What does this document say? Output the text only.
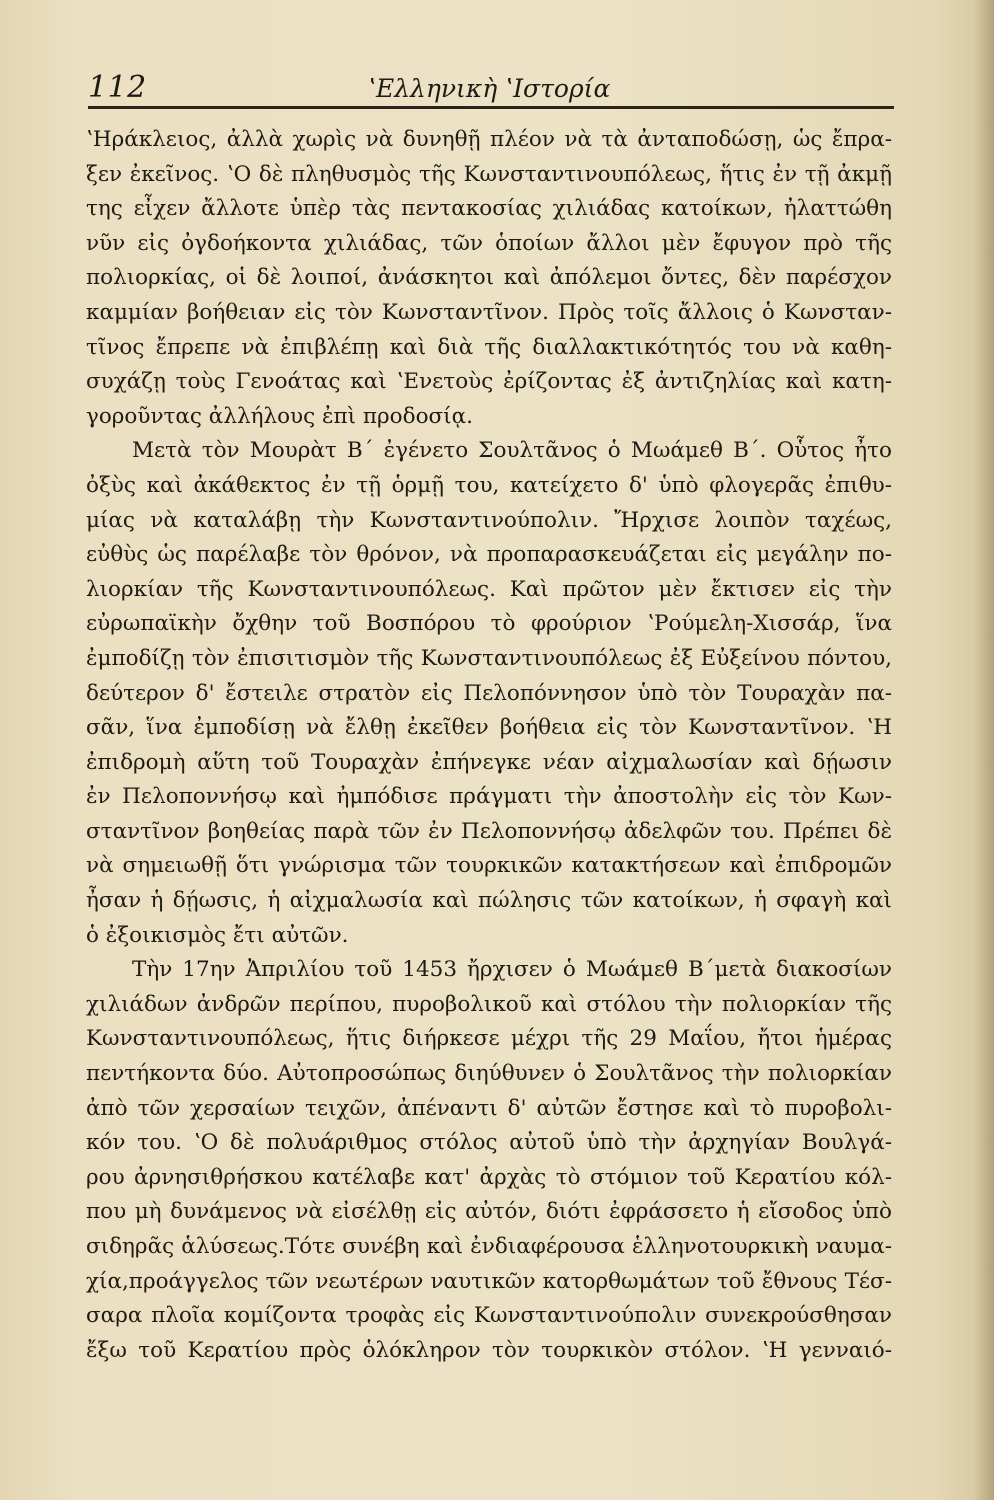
112	ʽΕλληνικὴ ʽΙστορία
ʽΗράκλειος, ἀλλὰ χωρὶς νὰ δυνηθῇ πλέον νὰ τὰ ἀνταποδώσῃ, ὡς ἔπρα-
ξεν ἐκεῖνος. ʽΟ δὲ πληθυσμὸς τῆς Κωνσταντινουπόλεως, ἥτις ἐν τῇ ἀκμῇ
της εἶχεν ἄλλοτε ὑπὲρ τὰς πεντακοσίας χιλιάδας κατοίκων, ἠλαττώθη
νῦν εἰς ὀγδοήκοντα χιλιάδας, τῶν ὁποίων ἄλλοι μὲν ἔφυγον πρὸ τῆς
πολιορκίας, οἱ δὲ λοιποί, ἀνάσκητοι καὶ ἀπόλεμοι ὄντες, δὲν παρέσχον
καμμίαν βοήθειαν εἰς τὸν Κωνσταντῖνον. Πρὸς τοῖς ἄλλοις ὁ Κωνσταν-
τῖνος ἔπρεπε νὰ ἐπιβλέπῃ καὶ διὰ τῆς διαλλακτικότητός του νὰ καθη-
συχάζῃ τοὺς Γενοάτας καὶ ʽΕνετοὺς ἐρίζοντας ἐξ ἀντιζηλίας καὶ κατη-
γοροῦντας ἀλλήλους ἐπὶ προδοσίᾳ.
Μετὰ τὸν Μουρὰτ Β΄ ἐγένετο Σουλτᾶνος ὁ Μωάμεθ Β΄. Οὗτος ἦτο
ὀξὺς καὶ ἀκάθεκτος ἐν τῇ ὁρμῇ του, κατείχετο δ' ὑπὸ φλογερᾶς ἐπιθυ-
μίας νὰ καταλάβῃ τὴν Κωνσταντινούπολιν. Ἤρχισε λοιπὸν ταχέως,
εὐθὺς ὡς παρέλαβε τὸν θρόνον, νὰ προπαρασκευάζεται εἰς μεγάλην πο-
λιορκίαν τῆς Κωνσταντινουπόλεως. Καὶ πρῶτον μὲν ἔκτισεν εἰς τὴν
εὐρωπαϊκὴν ὄχθην τοῦ Βοσπόρου τὸ φρούριον ʽΡούμελη-Χισσάρ, ἵνα
ἐμποδίζῃ τὸν ἐπισιτισμὸν τῆς Κωνσταντινουπόλεως ἐξ Εὐξείνου πόντου,
δεύτερον δ' ἔστειλε στρατὸν εἰς Πελοπόννησον ὑπὸ τὸν Τουραχὰν πα-
σᾶν, ἵνα ἐμποδίσῃ νὰ ἔλθῃ ἐκεῖθεν βοήθεια εἰς τὸν Κωνσταντῖνον. ʽΗ
ἐπιδρομὴ αὕτη τοῦ Τουραχὰν ἐπήνεγκε νέαν αἰχμαλωσίαν καὶ δῄωσιν
ἐν Πελοποννήσῳ καὶ ἠμπόδισε πράγματι τὴν ἀποστολὴν εἰς τὸν Κων-
σταντῖνον βοηθείας παρὰ τῶν ἐν Πελοποννήσῳ ἀδελφῶν του. Πρέπει δὲ
νὰ σημειωθῇ ὅτι γνώρισμα τῶν τουρκικῶν κατακτήσεων καὶ ἐπιδρομῶν
ἦσαν ἡ δῄωσις, ἡ αἰχμαλωσία καὶ πώλησις τῶν κατοίκων, ἡ σφαγὴ καὶ
ὁ ἐξοικισμὸς ἔτι αὐτῶν.
Τὴν 17ην Ἀπριλίου τοῦ 1453 ἤρχισεν ὁ Μωάμεθ Β΄μετὰ διακοσίων
χιλιάδων ἀνδρῶν περίπου, πυροβολικοῦ καὶ στόλου τὴν πολιορκίαν τῆς
Κωνσταντινουπόλεως, ἥτις διήρκεσε μέχρι τῆς 29 Μαΐου, ἤτοι ἡμέρας
πεντήκοντα δύο. Αὐτοπροσώπως διηύθυνεν ὁ Σουλτᾶνος τὴν πολιορκίαν
ἀπὸ τῶν χερσαίων τειχῶν, ἀπέναντι δ' αὐτῶν ἔστησε καὶ τὸ πυροβολι-
κόν του. ʽΟ δὲ πολυάριθμος στόλος αὐτοῦ ὑπὸ τὴν ἀρχηγίαν Βουλγά-
ρου ἀρνησιθρήσκου κατέλαβε κατ' ἀρχὰς τὸ στόμιον τοῦ Κερατίου κόλ-
που μὴ δυνάμενος νὰ εἰσέλθῃ εἰς αὐτόν, διότι ἐφράσσετο ἡ εἴσοδος ὑπὸ
σιδηρᾶς ἁλύσεως.Τότε συνέβη καὶ ἐνδιαφέρουσα ἑλληνοτουρκικὴ ναυμα-
χία,προάγγελος τῶν νεωτέρων ναυτικῶν κατορθωμάτων τοῦ ἔθνους Τέσ-
σαρα πλοῖα κομίζοντα τροφὰς εἰς Κωνσταντινούπολιν συνεκρούσθησαν
ἔξω τοῦ Κερατίου πρὸς ὁλόκληρον τὸν τουρκικὸν στόλον. ʽΗ γενναιό-
